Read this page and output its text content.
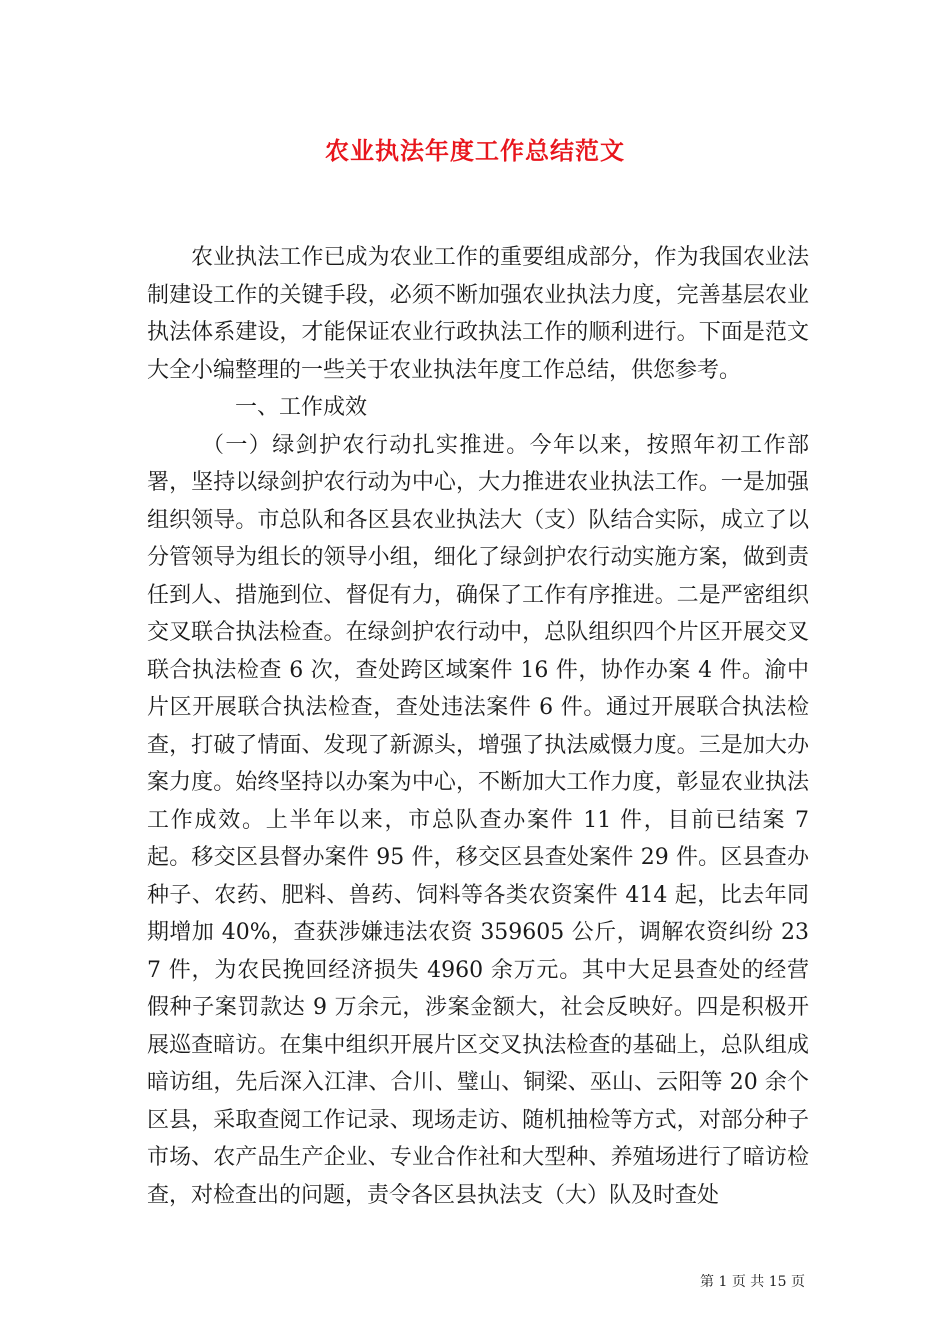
农业执法年度工作总结范文

农业执法工作已成为农业工作的重要组成部分，作为我国农业法制建设工作的关键手段，必须不断加强农业执法力度，完善基层农业执法体系建设，才能保证农业行政执法工作的顺利进行。下面是范文大全小编整理的一些关于农业执法年度工作总结，供您参考。

一、工作成效

（一）绿剑护农行动扎实推进。今年以来，按照年初工作部署，坚持以绿剑护农行动为中心，大力推进农业执法工作。一是加强组织领导。市总队和各区县农业执法大（支）队结合实际，成立了以分管领导为组长的领导小组，细化了绿剑护农行动实施方案，做到责任到人、措施到位、督促有力，确保了工作有序推进。二是严密组织交叉联合执法检查。在绿剑护农行动中，总队组织四个片区开展交叉联合执法检查 6 次，查处跨区域案件 16 件，协作办案 4 件。渝中片区开展联合执法检查，查处违法案件 6 件。通过开展联合执法检查，打破了情面、发现了新源头，增强了执法威慑力度。三是加大办案力度。始终坚持以办案为中心，不断加大工作力度，彰显农业执法工作成效。上半年以来，市总队查办案件 11 件，目前已结案 7 起。移交区县督办案件 95 件，移交区县查处案件 29 件。区县查办种子、农药、肥料、兽药、饲料等各类农资案件 414 起，比去年同期增加 40%，查获涉嫌违法农资 359605 公斤，调解农资纠纷 237 件，为农民挽回经济损失 4960 余万元。其中大足县查处的经营假种子案罚款达 9 万余元，涉案金额大，社会反映好。四是积极开展巡查暗访。在集中组织开展片区交叉执法检查的基础上，总队组成暗访组，先后深入江津、合川、璧山、铜梁、巫山、云阳等 20 余个区县，采取查阅工作记录、现场走访、随机抽检等方式，对部分种子市场、农产品生产企业、专业合作社和大型种、养殖场进行了暗访检查，对检查出的问题，责令各区县执法支（大）队及时查处

第 1 页 共 15 页
